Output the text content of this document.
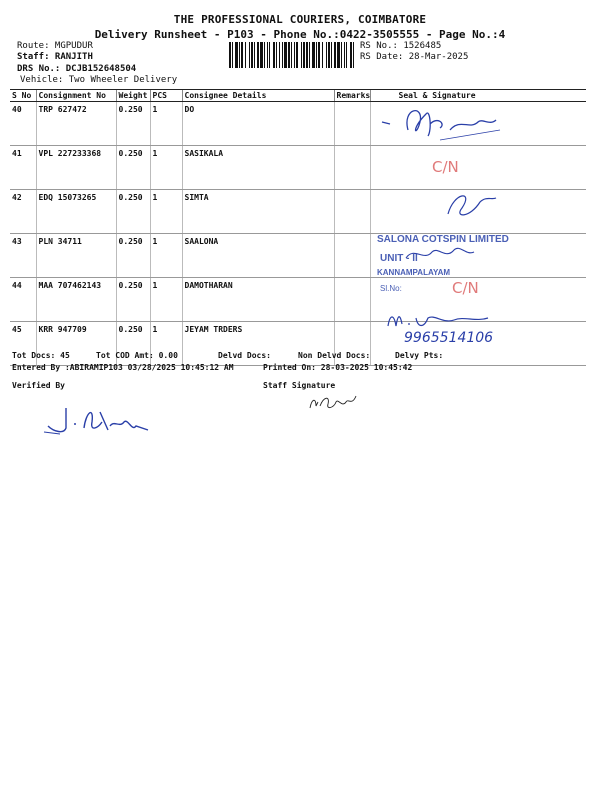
THE PROFESSIONAL COURIERS, COIMBATORE
Delivery Runsheet - P103 - Phone No.:0422-3505555 - Page No.:4
Route: MGPUDUR
Staff: RANJITH
DRS No.: DCJB152648504
Vehicle: Two Wheeler Delivery
RS No.: 1526485
RS Date: 28-Mar-2025
S No	Consignment No	Weight	PCS	Consignee Details	Remarks	Seal & Signature
40	TRP 627472	0.250	1	DO		
41	VPL 227233368	0.250	1	SASIKALA		
42	EDQ 15073265	0.250	1	SIMTA		
43	PLN 34711	0.250	1	SAALONA		
44	MAA 707462143	0.250	1	DAMOTHARAN		
45	KRR 947709	0.250	1	JEYAM TRDERS		
C/N
SALONA COTSPIN LIMITED
UNIT - II
KANNAMPALAYAM
Sl.No:	C/N
9965514106
Tot Docs: 45	Tot COD Amt: 0.00	Delvd Docs:	Non Delvd Docs:	Delvy Pts:
Entered By :ABIRAMIP103 03/28/2025 10:45:12 AM	Printed On: 28-03-2025 10:45:42
Verified By	Staff Signature
